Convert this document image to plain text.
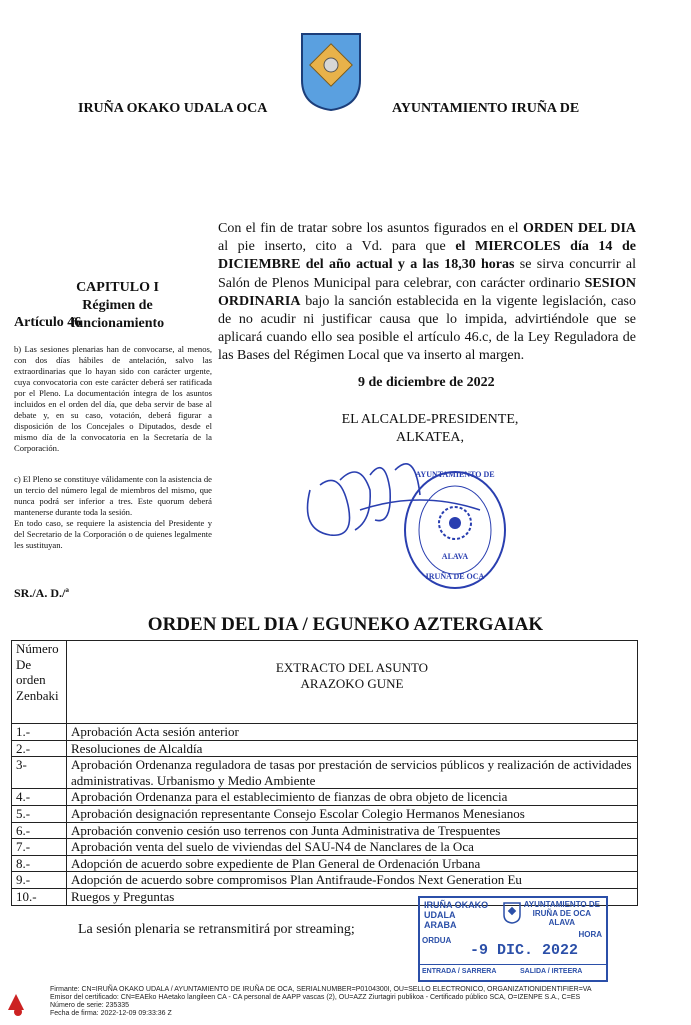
IRUÑA OKAKO UDALA OCA	AYUNTAMIENTO IRUÑA DE
Con el fin de tratar sobre los asuntos figurados en el ORDEN DEL DIA al pie inserto, cito a Vd. para que el MIERCOLES día 14 de DICIEMBRE del año actual y a las 18,30 horas se sirva concurrir al Salón de Plenos Municipal para celebrar, con carácter ordinario SESION ORDINARIA bajo la sanción establecida en la vigente legislación, caso de no acudir ni justificar causa que lo impida, advirtiéndole que se aplicará cuando ello sea posible el artículo 46.c, de la Ley Reguladora de las Bases del Régimen Local que va inserto al margen.
CAPITULO I
Régimen de funcionamiento
Artículo 46
b) Las sesiones plenarias han de convocarse, al menos, con dos días hábiles de antelación, salvo las extraordinarias que lo hayan sido con carácter urgente, cuya convocatoria con este carácter deberá ser ratificada por el Pleno. La documentación íntegra de los asuntos incluidos en el orden del día, que deba servir de base al debate y, en su caso, votación, deberá figurar a disposición de los Concejales o Diputados, desde el mismo día de la convocatoria en la Secretaría de la Corporación.

c) El Pleno se constituye válidamente con la asistencia de un tercio del número legal de miembros del mismo, que nunca podrá ser inferior a tres. Este quorum deberá mantenerse durante toda la sesión.

En todo caso, se requiere la asistencia del Presidente y del Secretario de la Corporación o de quienes legalmente les sustituyan.

SR./A. D./ª
9 de diciembre de 2022
EL ALCALDE-PRESIDENTE,
ALKATEA,
AYUNTAMIENTO DE
ALAVA
IRUÑA DE OCA
ORDEN DEL DIA / EGUNEKO AZTERGAIAK
Número De orden Zenbaki	EXTRACTO DEL ASUNTO
ARAZOKO GUNE

1.-	Aprobación Acta sesión anterior
2.-	Resoluciones de Alcaldía
3-	Aprobación Ordenanza reguladora de tasas por prestación de servicios públicos y realización de actividades administrativas. Urbanismo y Medio Ambiente
4.-	Aprobación Ordenanza para el establecimiento de fianzas de obra objeto de licencia
5.-	Aprobación designación representante Consejo Escolar Colegio Hermanos Menesianos
6.-	Aprobación convenio cesión uso terrenos con Junta Administrativa de Trespuentes
7.-	Aprobación venta del suelo de viviendas del SAU-N4 de Nanclares de la Oca
8.-	Adopción de acuerdo sobre expediente de Plan General de Ordenación Urbana
9.-	Adopción de acuerdo sobre compromisos Plan Antifraude-Fondos Next Generation Eu
10.-	Ruegos y Preguntas
La sesión plenaria se retransmitirá por streaming;
IRUÑA OKAKO
UDALA
ARABA
AYUNTAMIENTO DE
IRUÑA DE OCA
ALAVA
ORDUA
HORA
-9 DIC. 2022
ENTRADA / SARRERA	SALIDA / IRTEERA
Firmante: CN=IRUÑA OKAKO UDALA / AYUNTAMIENTO DE IRUÑA DE OCA, SERIALNUMBER=P0104300I, OU=SELLO ELECTRONICO, ORGANIZATIONIDENTIFIER=VA
Emisor del certificado: CN=EAEko HAetako langileen CA - CA personal de AAPP vascas (2), OU=AZZ Ziurtagiri publikoa - Certificado público SCA, O=IZENPE S.A., C=ES
Número de serie: 235335
Fecha de firma: 2022-12-09 09:33:36 Z
